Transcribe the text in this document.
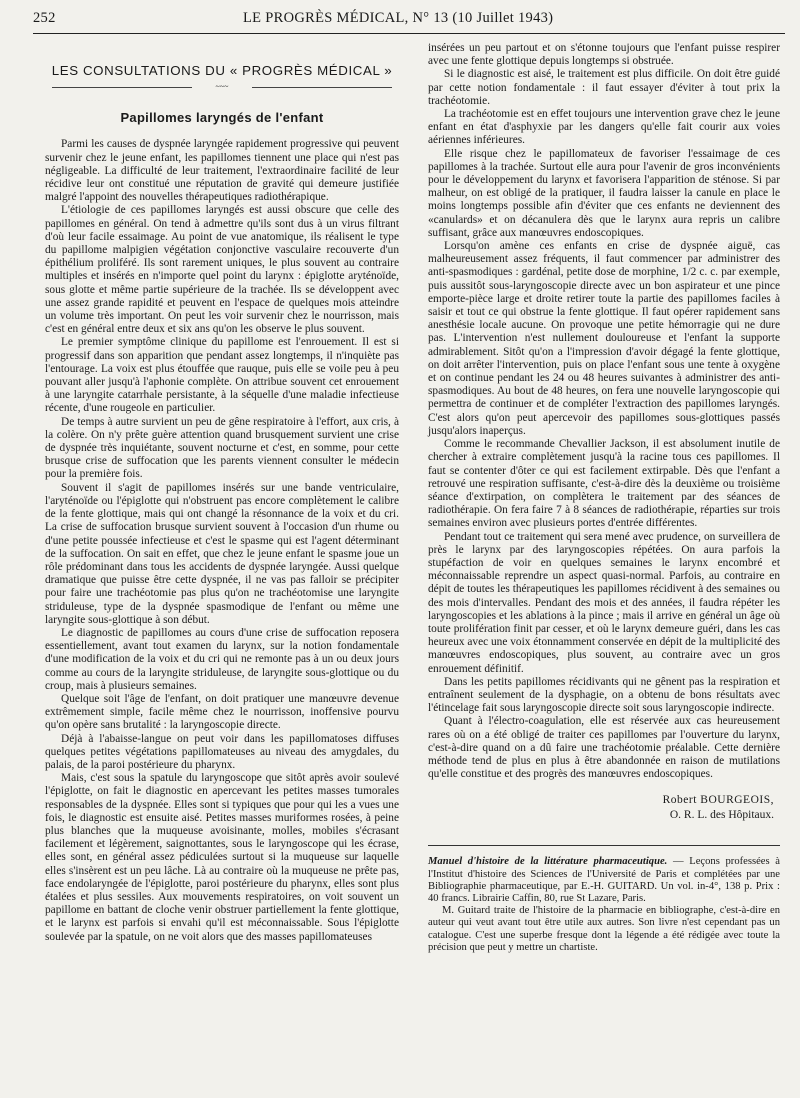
252	LE PROGRÈS MÉDICAL, N° 13 (10 Juillet 1943)
LES CONSULTATIONS DU « PROGRÈS MÉDICAL »
~~~
Papillomes laryngés de l'enfant

Parmi les causes de dyspnée laryngée rapidement progressive qui peuvent survenir chez le jeune enfant, les papillomes tiennent une place qui n'est pas négligeable. La difficulté de leur traitement, l'extraordinaire facilité de leur récidive leur ont constitué une réputation de gravité qui demeure justifiée malgré l'appoint des nouvelles thérapeutiques radiothérapique.

L'étiologie de ces papillomes laryngés est aussi obscure que celle des papillomes en général. On tend à admettre qu'ils sont dus à un virus filtrant d'où leur facile essaimage. Au point de vue anatomique, ils réalisent le type du papillome malpigien végétation conjonctive vasculaire recouverte d'un épithélium proliféré. Ils sont rarement uniques, le plus souvent au contraire multiples et insérés en n'importe quel point du larynx : épiglotte aryténoïde, sous glotte et même partie supérieure de la trachée. Ils se développent avec une assez grande rapidité et peuvent en l'espace de quelques mois atteindre un volume très important. On peut les voir survenir chez le nourrisson, mais c'est en général entre deux et six ans qu'on les observe le plus souvent.

Le premier symptôme clinique du papillome est l'enrouement. Il est si progressif dans son apparition que pendant assez longtemps, il n'inquiète pas l'entourage. La voix est plus étouffée que rauque, puis elle se voile peu à peu pouvant aller jusqu'à l'aphonie complète. On attribue souvent cet enrouement à une laryngite catarrhale persistante, à la séquelle d'une maladie infectieuse récente, d'une rougeole en particulier.

De temps à autre survient un peu de gêne respiratoire à l'effort, aux cris, à la colère. On n'y prête guère attention quand brusquement survient une crise de dyspnée très inquiétante, souvent nocturne et c'est, en somme, pour cette brusque crise de suffocation que les parents viennent consulter le médecin pour la première fois.

Souvent il s'agit de papillomes insérés sur une bande ventriculaire, l'aryténoïde ou l'épiglotte qui n'obstruent pas encore complètement le calibre de la fente glottique, mais qui ont changé la résonnance de la voix et du cri. La crise de suffocation brusque survient souvent à l'occasion d'un rhume ou d'une petite poussée infectieuse et c'est le spasme qui est l'agent déterminant de la suffocation. On sait en effet, que chez le jeune enfant le spasme joue un rôle prédominant dans tous les accidents de dyspnée laryngée. Aussi quelque dramatique que puisse être cette dyspnée, il ne vas pas falloir se précipiter pour faire une trachéotomie pas plus qu'on ne trachéotomise une laryngite striduleuse, type de la dyspnée spasmodique de l'enfant ou même une laryngite sous-glottique à son début.

Le diagnostic de papillomes au cours d'une crise de suffocation reposera essentiellement, avant tout examen du larynx, sur la notion fondamentale d'une modification de la voix et du cri qui ne remonte pas à un ou deux jours comme au cours de la laryngite striduleuse, de laryngite sous-glottique ou du croup, mais à plusieurs semaines.

Quelque soit l'âge de l'enfant, on doit pratiquer une manœuvre devenue extrêmement simple, facile même chez le nourrisson, inoffensive pourvu qu'on opère sans brutalité : la laryngoscopie directe.

Déjà à l'abaisse-langue on peut voir dans les papillomatoses diffuses quelques petites végétations papillomateuses au niveau des amygdales, du palais, de la paroi postérieure du pharynx.

Mais, c'est sous la spatule du laryngoscope que sitôt après avoir soulevé l'épiglotte, on fait le diagnostic en apercevant les petites masses tumorales responsables de la dyspnée. Elles sont si typiques que pour qui les a vues une fois, le diagnostic est ensuite aisé. Petites masses muriformes rosées, à peine plus blanches que la muqueuse avoisinante, molles, mobiles s'écrasant facilement et légèrement, saignottantes, sous le laryngoscope qui les écrase, elles sont, en général assez pédiculées surtout si la muqueuse sur laquelle elles s'insèrent est un peu lâche. Là au contraire où la muqueuse ne prête pas, face endolaryngée de l'épiglotte, paroi postérieure du pharynx, elles sont plus étalées et plus sessiles. Aux mouvements respiratoires, on voit souvent un papillome en battant de cloche venir obstruer partiellement la fente glottique, et le larynx est parfois si envahi qu'il est méconnaissable. Sous l'épiglotte soulevée par la spatule, on ne voit alors que des masses papillomateuses

insérées un peu partout et on s'étonne toujours que l'enfant puisse respirer avec une fente glottique depuis longtemps si obstruée.

Si le diagnostic est aisé, le traitement est plus difficile. On doit être guidé par cette notion fondamentale : il faut essayer d'éviter à tout prix la trachéotomie.

La trachéotomie est en effet toujours une intervention grave chez le jeune enfant en état d'asphyxie par les dangers qu'elle fait courir aux voies aériennes inférieures.

Elle risque chez le papillomateux de favoriser l'essaimage de ces papillomes à la trachée. Surtout elle aura pour l'avenir de gros inconvénients pour le développement du larynx et favorisera l'apparition de sténose. Si par malheur, on est obligé de la pratiquer, il faudra laisser la canule en place le moins longtemps possible afin d'éviter que ces enfants ne deviennent des «canulards» et on décanulera dès que le larynx aura repris un calibre suffisant, grâce aux manœuvres endoscopiques.

Lorsqu'on amène ces enfants en crise de dyspnée aiguë, cas malheureusement assez fréquents, il faut commencer par administrer des anti-spasmodiques : gardénal, petite dose de morphine, 1/2 c. c. par exemple, puis aussitôt sous-laryngoscopie directe avec un bon aspirateur et une pince emporte-pièce large et droite retirer toute la partie des papillomes faciles à saisir et tout ce qui obstrue la fente glottique. Il faut opérer rapidement sans anesthésie locale aucune. On provoque une petite hémorragie qui ne dure pas. L'intervention n'est nullement douloureuse et l'enfant la supporte admirablement. Sitôt qu'on a l'impression d'avoir dégagé la fente glottique, on doit arrêter l'intervention, puis on place l'enfant sous une tente à oxygène et on continue pendant les 24 ou 48 heures suivantes à administrer des anti-spasmodiques. Au bout de 48 heures, on fera une nouvelle laryngoscopie qui permettra de continuer et de compléter l'extraction des papillomes laryngés. C'est alors qu'on peut apercevoir des papillomes sous-glottiques passés jusqu'alors inaperçus.

Comme le recommande Chevallier Jackson, il est absolument inutile de chercher à extraire complètement jusqu'à la racine tous ces papillomes. Il faut se contenter d'ôter ce qui est facilement extirpable. Dès que l'enfant a retrouvé une respiration suffisante, c'est-à-dire dès la deuxième ou troisième séance d'extirpation, on complètera le traitement par des séances de radiothérapie. On fera faire 7 à 8 séances de radiothérapie, réparties sur trois semaines environ avec plusieurs portes d'entrée différentes.

Pendant tout ce traitement qui sera mené avec prudence, on surveillera de près le larynx par des laryngoscopies répétées. On aura parfois la stupéfaction de voir en quelques semaines le larynx encombré et méconnaissable reprendre un aspect quasi-normal. Parfois, au contraire en dépit de toutes les thérapeutiques les papillomes récidivent à des semaines ou des mois d'intervalles. Pendant des mois et des années, il faudra répéter les laryngoscopies et les ablations à la pince ; mais il arrive en général un âge où toute prolifération finit par cesser, et où le larynx demeure guéri, dans les cas heureux avec une voix étonnamment conservée en dépit de la multiplicité des manœuvres endoscopiques, plus souvent, au contraire avec un gros enrouement définitif.

Dans les petits papillomes récidivants qui ne gênent pas la respiration et entraînent seulement de la dysphagie, on a obtenu de bons résultats avec l'étincelage fait sous laryngoscopie directe soit sous laryngoscopie indirecte.

Quant à l'électro-coagulation, elle est réservée aux cas heureusement rares où on a été obligé de traiter ces papillomes par l'ouverture du larynx, c'est-à-dire quand on a dû faire une trachéotomie préalable. Cette dernière méthode tend de plus en plus à être abandonnée en raison de mutilations qu'elle constitue et des progrès des manœuvres endoscopiques.

Robert BOURGEOIS,
O. R. L. des Hôpitaux.

Manuel d'histoire de la littérature pharmaceutique. — Leçons professées à l'Institut d'histoire des Sciences de l'Université de Paris et complétées par une Bibliographie pharmaceutique, par E.-H. GUITARD. Un vol. in-4°, 138 p. Prix : 40 francs. Librairie Caffin, 80, rue St Lazare, Paris.

M. Guitard traite de l'histoire de la pharmacie en bibliographe, c'est-à-dire en auteur qui veut avant tout être utile aux autres. Son livre n'est cependant pas un catalogue. C'est une superbe fresque dont la légende a été rédigée avec toute la précision que peut y mettre un chartiste.
